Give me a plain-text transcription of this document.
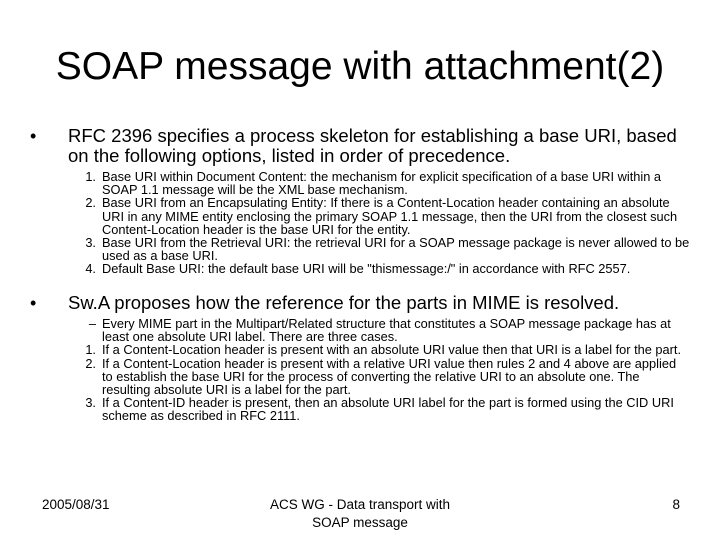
SOAP message with attachment(2)
•	RFC 2396 specifies a process skeleton for establishing a base URI, based on the following options, listed in order of precedence.
1. Base URI within Document Content: the mechanism for explicit specification of a base URI within a SOAP 1.1 message will be the XML base mechanism.
2. Base URI from an Encapsulating Entity: If there is a Content-Location header containing an absolute URI in any MIME entity enclosing the primary SOAP 1.1 message, then the URI from the closest such Content-Location header is the base URI for the entity.
3. Base URI from the Retrieval URI: the retrieval URI for a SOAP message package is never allowed to be used as a base URI.
4. Default Base URI: the default base URI will be "thismessage:/" in accordance with RFC 2557.
•	Sw.A proposes how the reference for the parts in MIME is resolved.
– Every MIME part in the Multipart/Related structure that constitutes a SOAP message package has at least one absolute URI label. There are three cases.
1. If a Content-Location header is present with an absolute URI value then that URI is a label for the part.
2. If a Content-Location header is present with a relative URI value then rules 2 and 4 above are applied to establish the base URI for the process of converting the relative URI to an absolute one. The resulting absolute URI is a label for the part.
3. If a Content-ID header is present, then an absolute URI label for the part is formed using the CID URI scheme as described in RFC 2111.
2005/08/31	ACS WG - Data transport with SOAP message
8
